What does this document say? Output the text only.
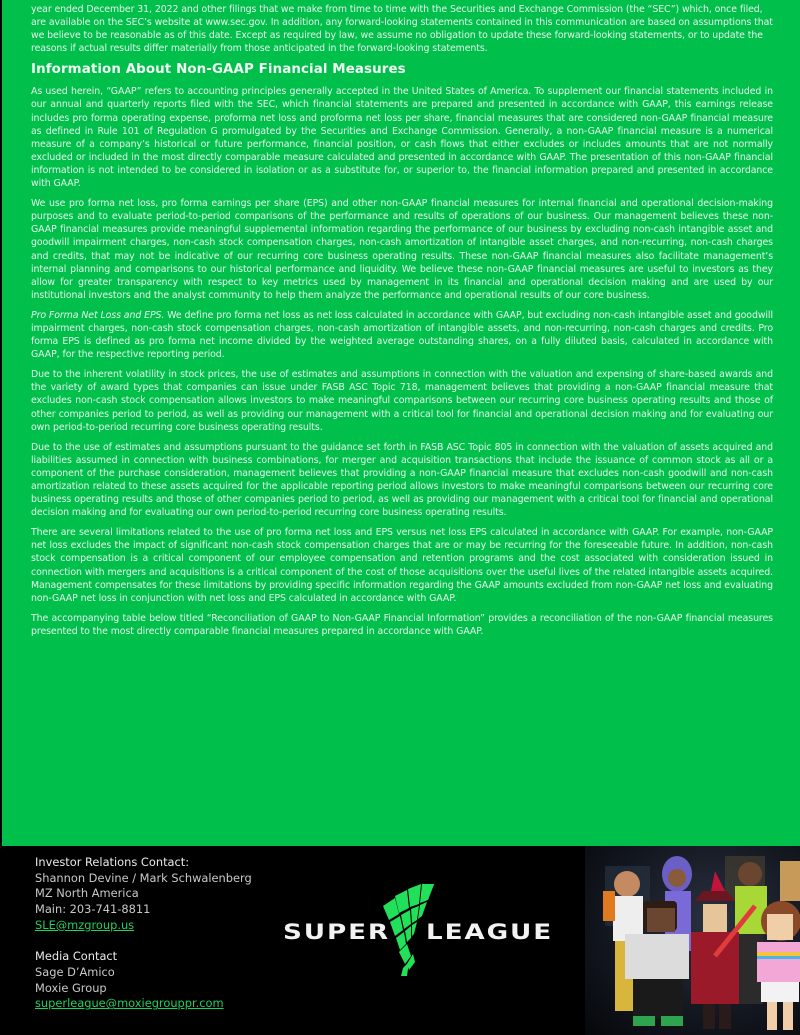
year ended December 31, 2022 and other filings that we make from time to time with the Securities and Exchange Commission (the “SEC”) which, once filed, are available on the SEC’s website at www.sec.gov. In addition, any forward-looking statements contained in this communication are based on assumptions that we believe to be reasonable as of this date. Except as required by law, we assume no obligation to update these forward-looking statements, or to update the reasons if actual results differ materially from those anticipated in the forward-looking statements.

Information About Non-GAAP Financial Measures

As used herein, “GAAP” refers to accounting principles generally accepted in the United States of America. To supplement our financial statements included in our annual and quarterly reports filed with the SEC, which financial statements are prepared and presented in accordance with GAAP, this earnings release includes pro forma operating expense, proforma net loss and proforma net loss per share, financial measures that are considered non-GAAP financial measure as defined in Rule 101 of Regulation G promulgated by the Securities and Exchange Commission. Generally, a non-GAAP financial measure is a numerical measure of a company’s historical or future performance, financial position, or cash flows that either excludes or includes amounts that are not normally excluded or included in the most directly comparable measure calculated and presented in accordance with GAAP. The presentation of this non-GAAP financial information is not intended to be considered in isolation or as a substitute for, or superior to, the financial information prepared and presented in accordance with GAAP.

We use pro forma net loss, pro forma earnings per share (EPS) and other non-GAAP financial measures for internal financial and operational decision-making purposes and to evaluate period-to-period comparisons of the performance and results of operations of our business. Our management believes these non-GAAP financial measures provide meaningful supplemental information regarding the performance of our business by excluding non-cash intangible asset and goodwill impairment charges, non-cash stock compensation charges, non-cash amortization of intangible asset charges, and non-recurring, non-cash charges and credits, that may not be indicative of our recurring core business operating results. These non-GAAP financial measures also facilitate management’s internal planning and comparisons to our historical performance and liquidity. We believe these non-GAAP financial measures are useful to investors as they allow for greater transparency with respect to key metrics used by management in its financial and operational decision making and are used by our institutional investors and the analyst community to help them analyze the performance and operational results of our core business.

Pro Forma Net Loss and EPS. We define pro forma net loss as net loss calculated in accordance with GAAP, but excluding non-cash intangible asset and goodwill impairment charges, non-cash stock compensation charges, non-cash amortization of intangible assets, and non-recurring, non-cash charges and credits. Pro forma EPS is defined as pro forma net income divided by the weighted average outstanding shares, on a fully diluted basis, calculated in accordance with GAAP, for the respective reporting period.

Due to the inherent volatility in stock prices, the use of estimates and assumptions in connection with the valuation and expensing of share-based awards and the variety of award types that companies can issue under FASB ASC Topic 718, management believes that providing a non-GAAP financial measure that excludes non-cash stock compensation allows investors to make meaningful comparisons between our recurring core business operating results and those of other companies period to period, as well as providing our management with a critical tool for financial and operational decision making and for evaluating our own period-to-period recurring core business operating results.

Due to the use of estimates and assumptions pursuant to the guidance set forth in FASB ASC Topic 805 in connection with the valuation of assets acquired and liabilities assumed in connection with business combinations, for merger and acquisition transactions that include the issuance of common stock as all or a component of the purchase consideration, management believes that providing a non-GAAP financial measure that excludes non-cash goodwill and non-cash amortization related to these assets acquired for the applicable reporting period allows investors to make meaningful comparisons between our recurring core business operating results and those of other companies period to period, as well as providing our management with a critical tool for financial and operational decision making and for evaluating our own period-to-period recurring core business operating results.

There are several limitations related to the use of pro forma net loss and EPS versus net loss EPS calculated in accordance with GAAP. For example, non-GAAP net loss excludes the impact of significant non-cash stock compensation charges that are or may be recurring for the foreseeable future. In addition, non-cash stock compensation is a critical component of our employee compensation and retention programs and the cost associated with consideration issued in connection with mergers and acquisitions is a critical component of the cost of those acquisitions over the useful lives of the related intangible assets acquired. Management compensates for these limitations by providing specific information regarding the GAAP amounts excluded from non-GAAP net loss and evaluating non-GAAP net loss in conjunction with net loss and EPS calculated in accordance with GAAP.

The accompanying table below titled “Reconciliation of GAAP to Non-GAAP Financial Information” provides a reconciliation of the non-GAAP financial measures presented to the most directly comparable financial measures prepared in accordance with GAAP.

Investor Relations Contact:
Shannon Devine / Mark Schwalenberg
MZ North America
Main: 203-741-8811
SLE@mzgroup.us
Media Contact
Sage D’Amico
Moxie Group
superleague@moxiegrouppr.com
SUPER LEAGUE
